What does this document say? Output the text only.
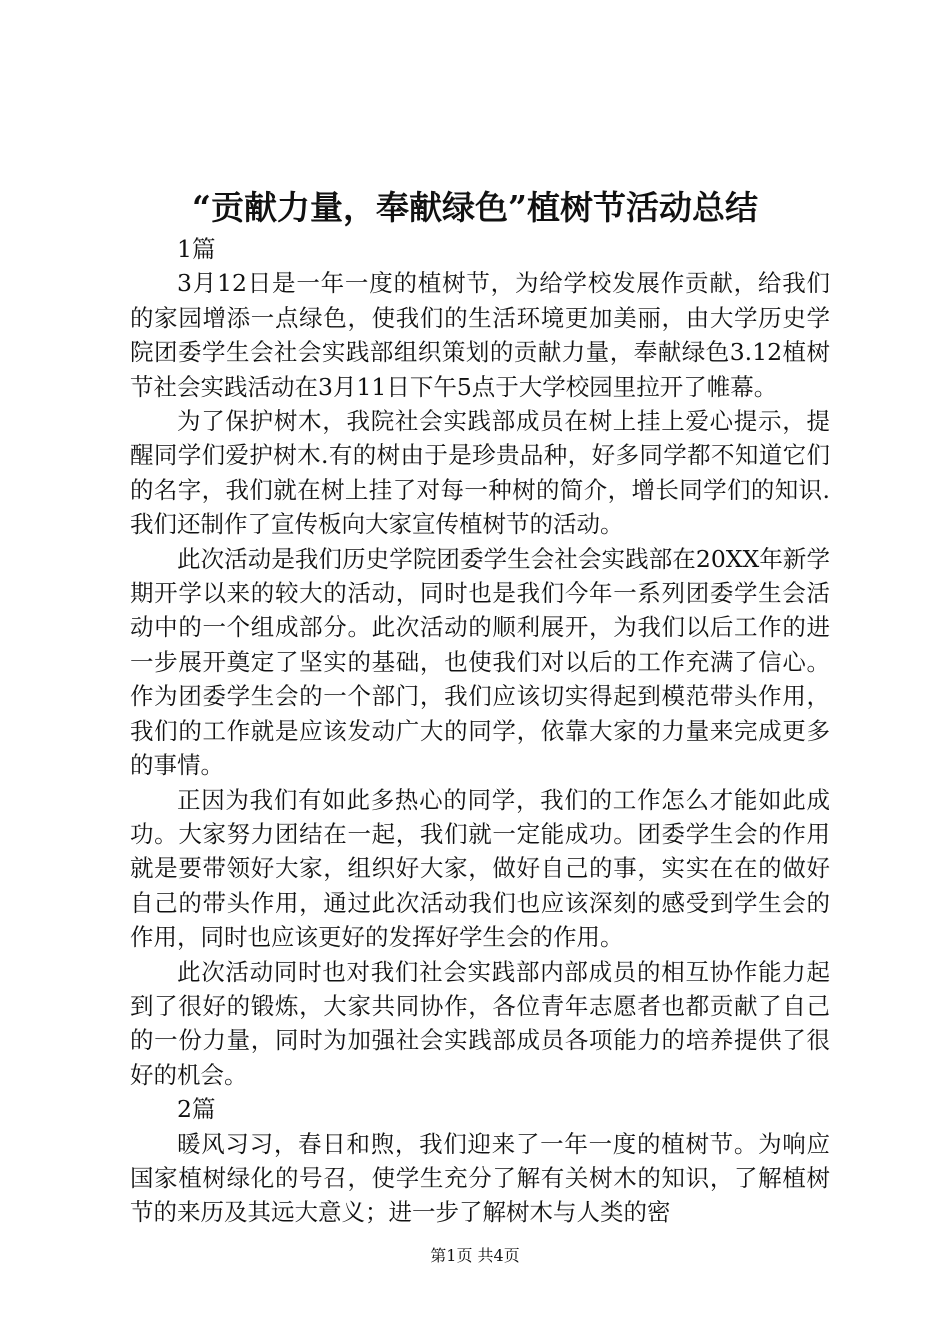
“贡献力量，奉献绿色”植树节活动总结

1篇

3月12日是一年一度的植树节，为给学校发展作贡献，给我们的家园增添一点绿色，使我们的生活环境更加美丽，由大学历史学院团委学生会社会实践部组织策划的贡献力量，奉献绿色3.12植树节社会实践活动在3月11日下午5点于大学校园里拉开了帷幕。

为了保护树木，我院社会实践部成员在树上挂上爱心提示，提醒同学们爱护树木.有的树由于是珍贵品种，好多同学都不知道它们的名字，我们就在树上挂了对每一种树的简介，增长同学们的知识.我们还制作了宣传板向大家宣传植树节的活动。

此次活动是我们历史学院团委学生会社会实践部在20XX年新学期开学以来的较大的活动，同时也是我们今年一系列团委学生会活动中的一个组成部分。此次活动的顺利展开，为我们以后工作的进一步展开奠定了坚实的基础，也使我们对以后的工作充满了信心。作为团委学生会的一个部门，我们应该切实得起到模范带头作用，我们的工作就是应该发动广大的同学，依靠大家的力量来完成更多的事情。

正因为我们有如此多热心的同学，我们的工作怎么才能如此成功。大家努力团结在一起，我们就一定能成功。团委学生会的作用就是要带领好大家，组织好大家，做好自己的事，实实在在的做好自己的带头作用，通过此次活动我们也应该深刻的感受到学生会的作用，同时也应该更好的发挥好学生会的作用。

此次活动同时也对我们社会实践部内部成员的相互协作能力起到了很好的锻炼，大家共同协作，各位青年志愿者也都贡献了自己的一份力量，同时为加强社会实践部成员各项能力的培养提供了很好的机会。

2篇

暖风习习，春日和煦，我们迎来了一年一度的植树节。为响应国家植树绿化的号召，使学生充分了解有关树木的知识，了解植树节的来历及其远大意义；进一步了解树木与人类的密

第1页 共4页
